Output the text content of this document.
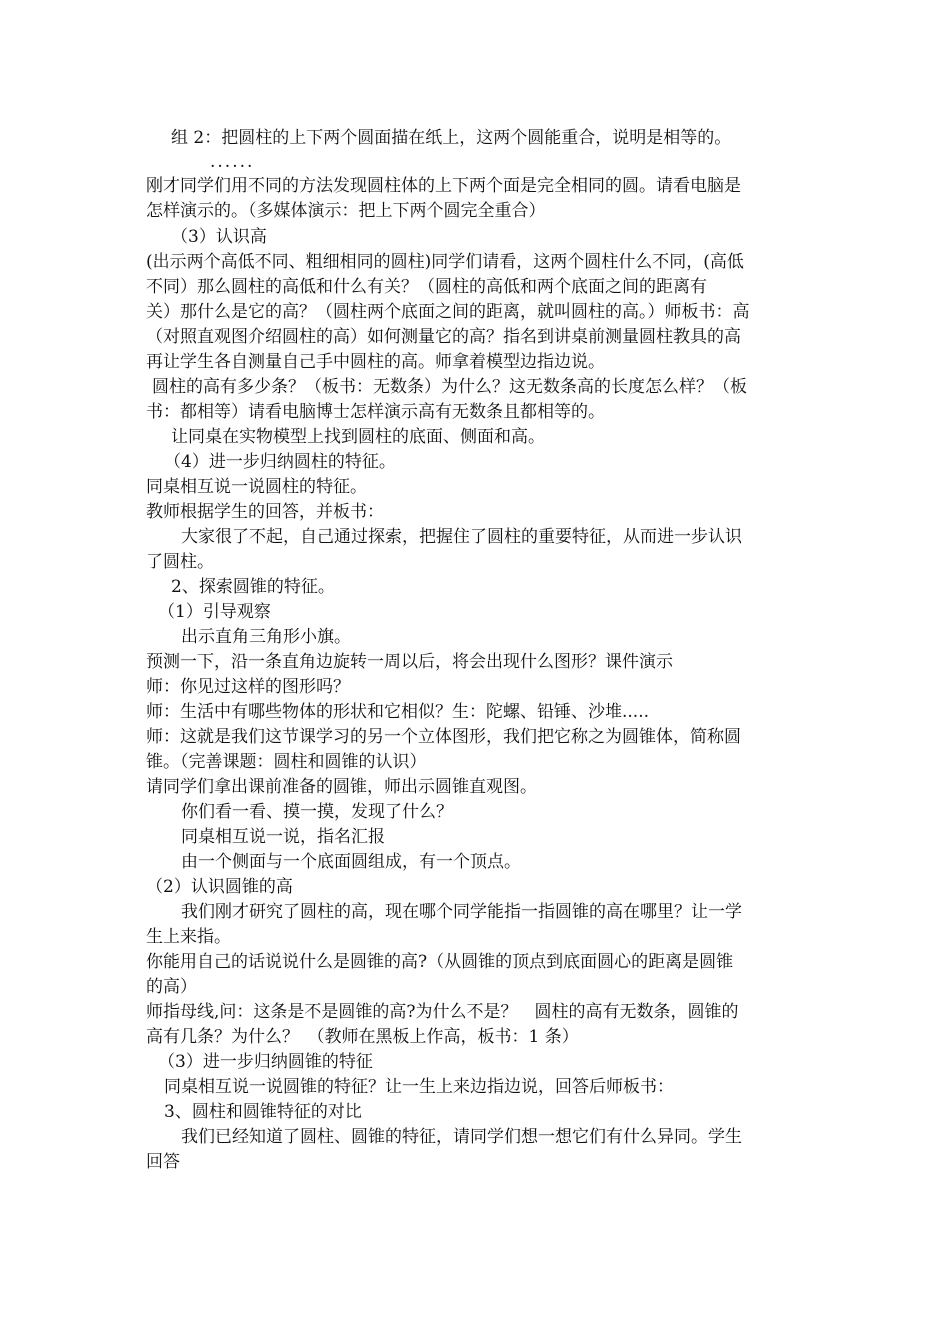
组 2：把圆柱的上下两个圆面描在纸上，这两个圆能重合，说明是相等的。
......
刚才同学们用不同的方法发现圆柱体的上下两个面是完全相同的圆。请看电脑是
怎样演示的。（多媒体演示：把上下两个圆完全重合）
（3）认识高
(出示两个高低不同、粗细相同的圆柱)同学们请看，这两个圆柱什么不同，(高低
不同）那么圆柱的高低和什么有关？（圆柱的高低和两个底面之间的距离有
关）那什么是它的高？（圆柱两个底面之间的距离，就叫圆柱的高。）师板书：高
（对照直观图介绍圆柱的高）如何测量它的高？指名到讲桌前测量圆柱教具的高
再让学生各自测量自己手中圆柱的高。师拿着模型边指边说。
圆柱的高有多少条？（板书：无数条）为什么？这无数条高的长度怎么样？（板
书：都相等）请看电脑博士怎样演示高有无数条且都相等的。
让同桌在实物模型上找到圆柱的底面、侧面和高。
（4）进一步归纳圆柱的特征。
同桌相互说一说圆柱的特征。
教师根据学生的回答，并板书：
大家很了不起，自己通过探索，把握住了圆柱的重要特征，从而进一步认识
了圆柱。
2、探索圆锥的特征。
（1）引导观察
出示直角三角形小旗。
预测一下，沿一条直角边旋转一周以后，将会出现什么图形？课件演示
师：你见过这样的图形吗？
师：生活中有哪些物体的形状和它相似？生：陀螺、铅锤、沙堆.....
师：这就是我们这节课学习的另一个立体图形，我们把它称之为圆锥体，简称圆
锥。（完善课题：圆柱和圆锥的认识）
请同学们拿出课前准备的圆锥，师出示圆锥直观图。
你们看一看、摸一摸，发现了什么？
同桌相互说一说，指名汇报
由一个侧面与一个底面圆组成，有一个顶点。
（2）认识圆锥的高
我们刚才研究了圆柱的高，现在哪个同学能指一指圆锥的高在哪里？让一学
生上来指。
你能用自己的话说说什么是圆锥的高?（从圆锥的顶点到底面圆心的距离是圆锥
的高）
师指母线,问：这条是不是圆锥的高?为什么不是？　圆柱的高有无数条，圆锥的
高有几条？为什么？　（教师在黑板上作高，板书：1 条）
（3）进一步归纳圆锥的特征
同桌相互说一说圆锥的特征？让一生上来边指边说，回答后师板书：
3、圆柱和圆锥特征的对比
我们已经知道了圆柱、圆锥的特征，请同学们想一想它们有什么异同。学生
回答
